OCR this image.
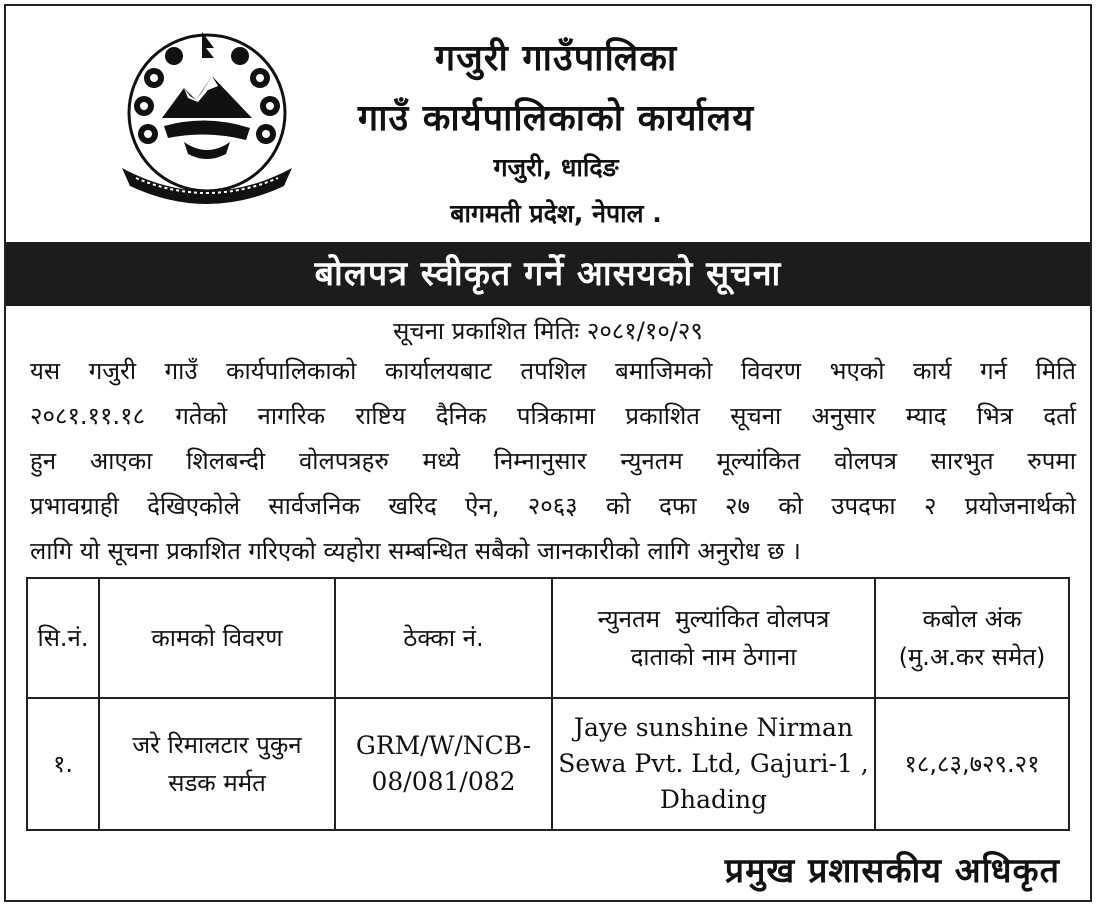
गजुरी गाउँपालिका
गाउँ कार्यपालिकाको कार्यालय
गजुरी, धादिङ
बागमती प्रदेश, नेपाल .
बोलपत्र स्वीकृत गर्ने आसयको सूचना
सूचना प्रकाशित मितिः २०८१/१०/२९
यस गजुरी गाउँ कार्यपालिकाको कार्यालयबाट तपशिल बमाजिमको विवरण भएको कार्य गर्न मिति
२०८१.११.१८ गतेको नागरिक राष्टिय दैनिक पत्रिकामा प्रकाशित सूचना अनुसार म्याद भित्र दर्ता
हुन आएका शिलबन्दी वोलपत्रहरु मध्ये निम्नानुसार न्युनतम मूल्यांकित वोलपत्र सारभुत रुपमा
प्रभावग्राही देखिएकोले सार्वजनिक खरिद ऐन, २०६३ को दफा २७ को उपदफा २ प्रयोजनार्थको
लागि यो सूचना प्रकाशित गरिएको व्यहोरा सम्बन्धित सबैको जानकारीको लागि अनुरोध छ ।
सि.नं.	कामको विवरण	ठेक्का नं.
न्युनतम  मुल्यांकित वोलपत्र
दाताको नाम ठेगाना
कबोल अंक
(मु.अ.कर समेत)
१.
जरे रिमालटार पुकुन
सडक मर्मत
GRM/W/NCB-
08/081/082
Jaye sunshine Nirman
Sewa Pvt. Ltd, Gajuri-1 ,
Dhading
१८,८३,७२९.२१
प्रमुख प्रशासकीय अधिकृत
